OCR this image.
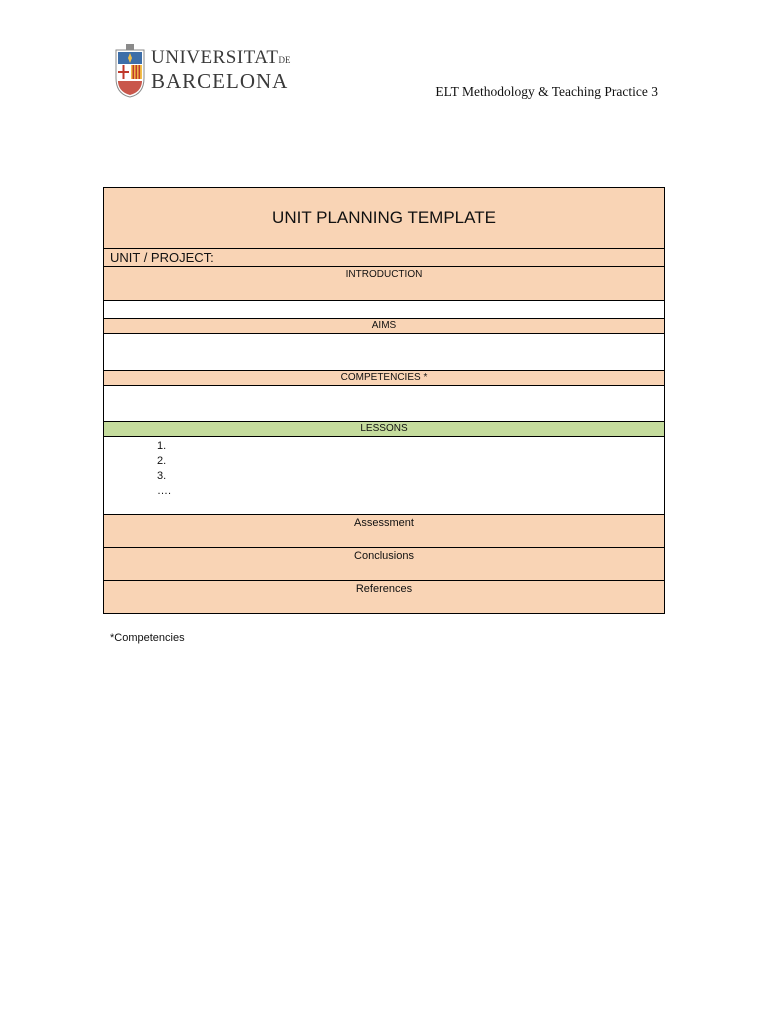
UNIVERSITATDE
BARCELONA	ELT Methodology & Teaching Practice 3
UNIT PLANNING TEMPLATE
UNIT / PROJECT:
INTRODUCTION
AIMS
COMPETENCIES *
LESSONS
1.
2.
3.
….
Assessment
Conclusions
References
*Competencies
